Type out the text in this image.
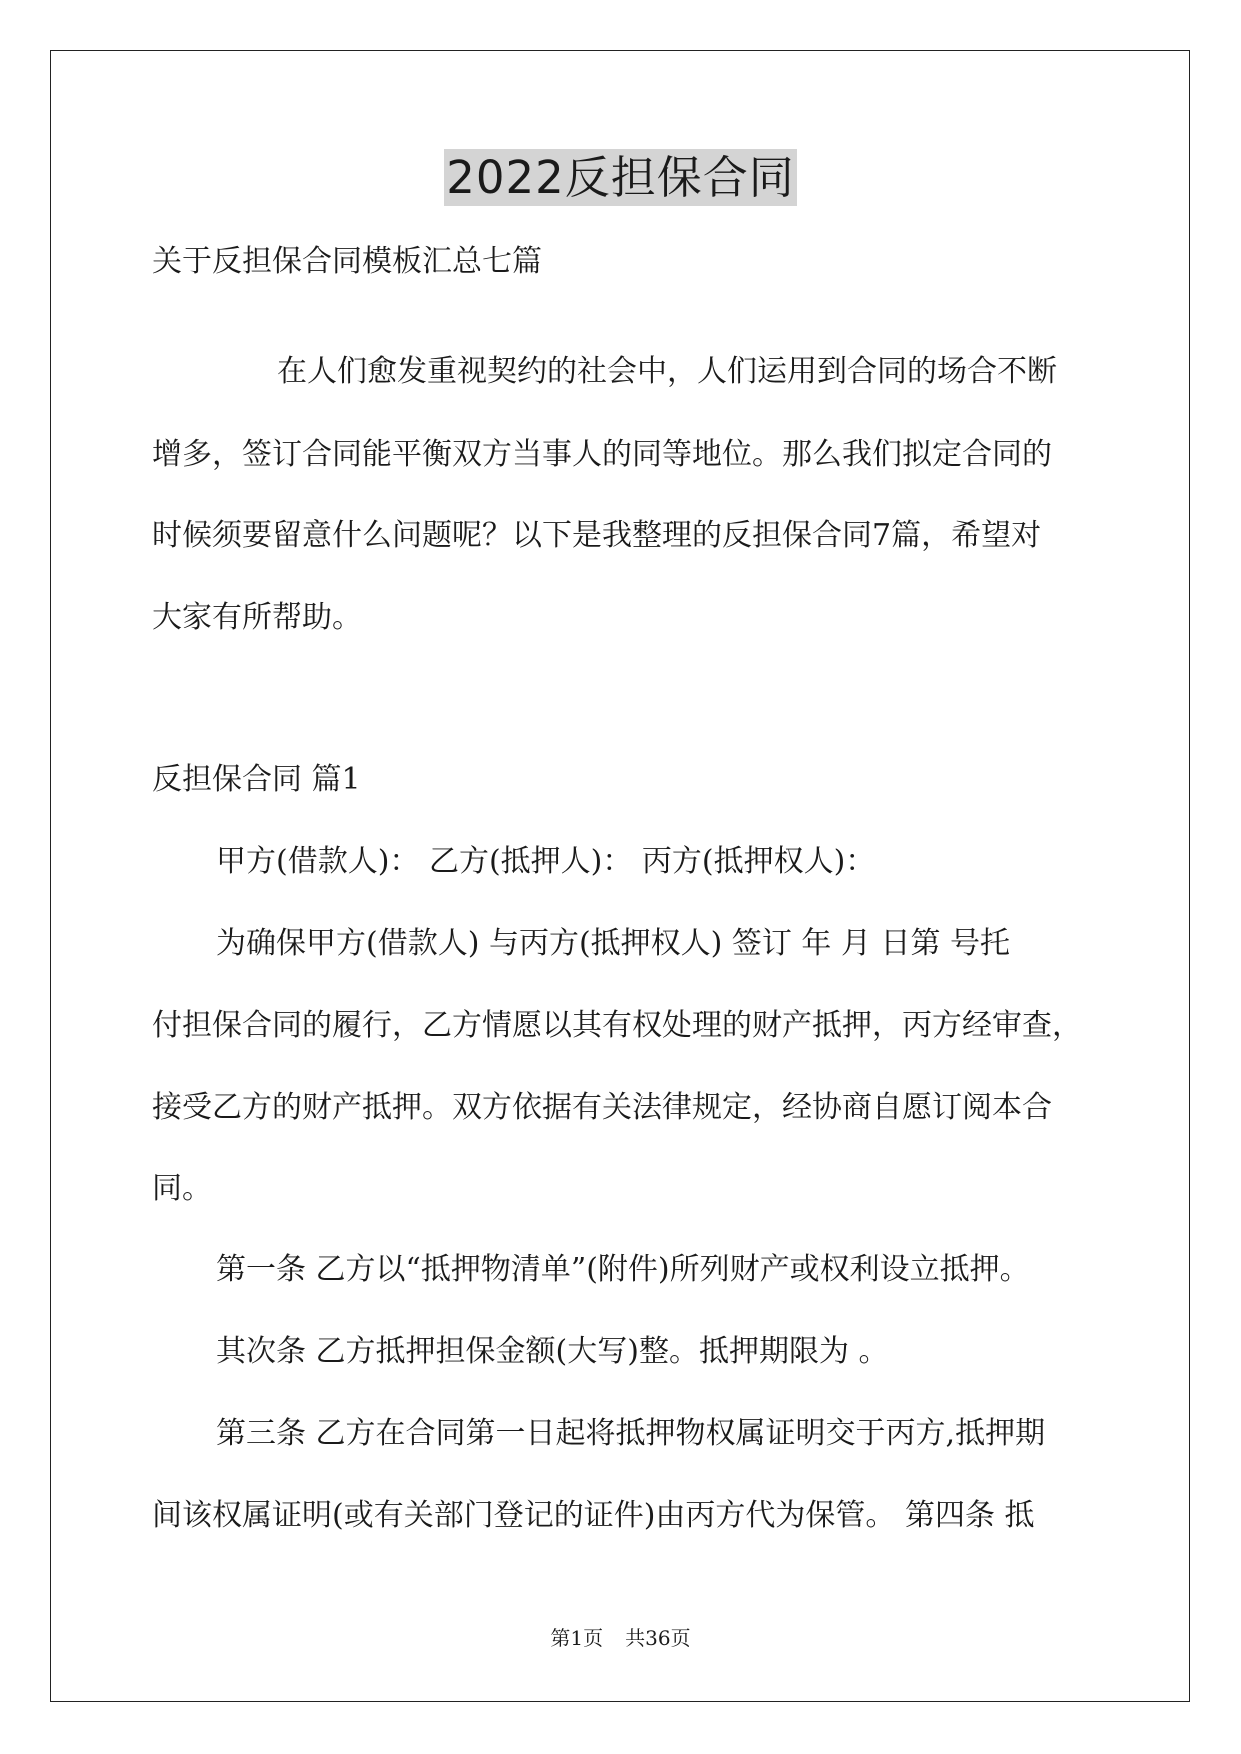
2022反担保合同
关于反担保合同模板汇总七篇
在人们愈发重视契约的社会中，人们运用到合同的场合不断
增多，签订合同能平衡双方当事人的同等地位。那么我们拟定合同的
时候须要留意什么问题呢？以下是我整理的反担保合同7篇，希望对
大家有所帮助。
反担保合同 篇1
甲方(借款人)： 乙方(抵押人)： 丙方(抵押权人)：
为确保甲方(借款人) 与丙方(抵押权人) 签订 年 月 日第 号托
付担保合同的履行，乙方情愿以其有权处理的财产抵押，丙方经审查，
接受乙方的财产抵押。双方依据有关法律规定，经协商自愿订阅本合
同。
第一条 乙方以“抵押物清单”(附件)所列财产或权利设立抵押。
其次条 乙方抵押担保金额(大写)整。抵押期限为 。
第三条 乙方在合同第一日起将抵押物权属证明交于丙方,抵押期
间该权属证明(或有关部门登记的证件)由丙方代为保管。 第四条 抵
第1页 共36页
